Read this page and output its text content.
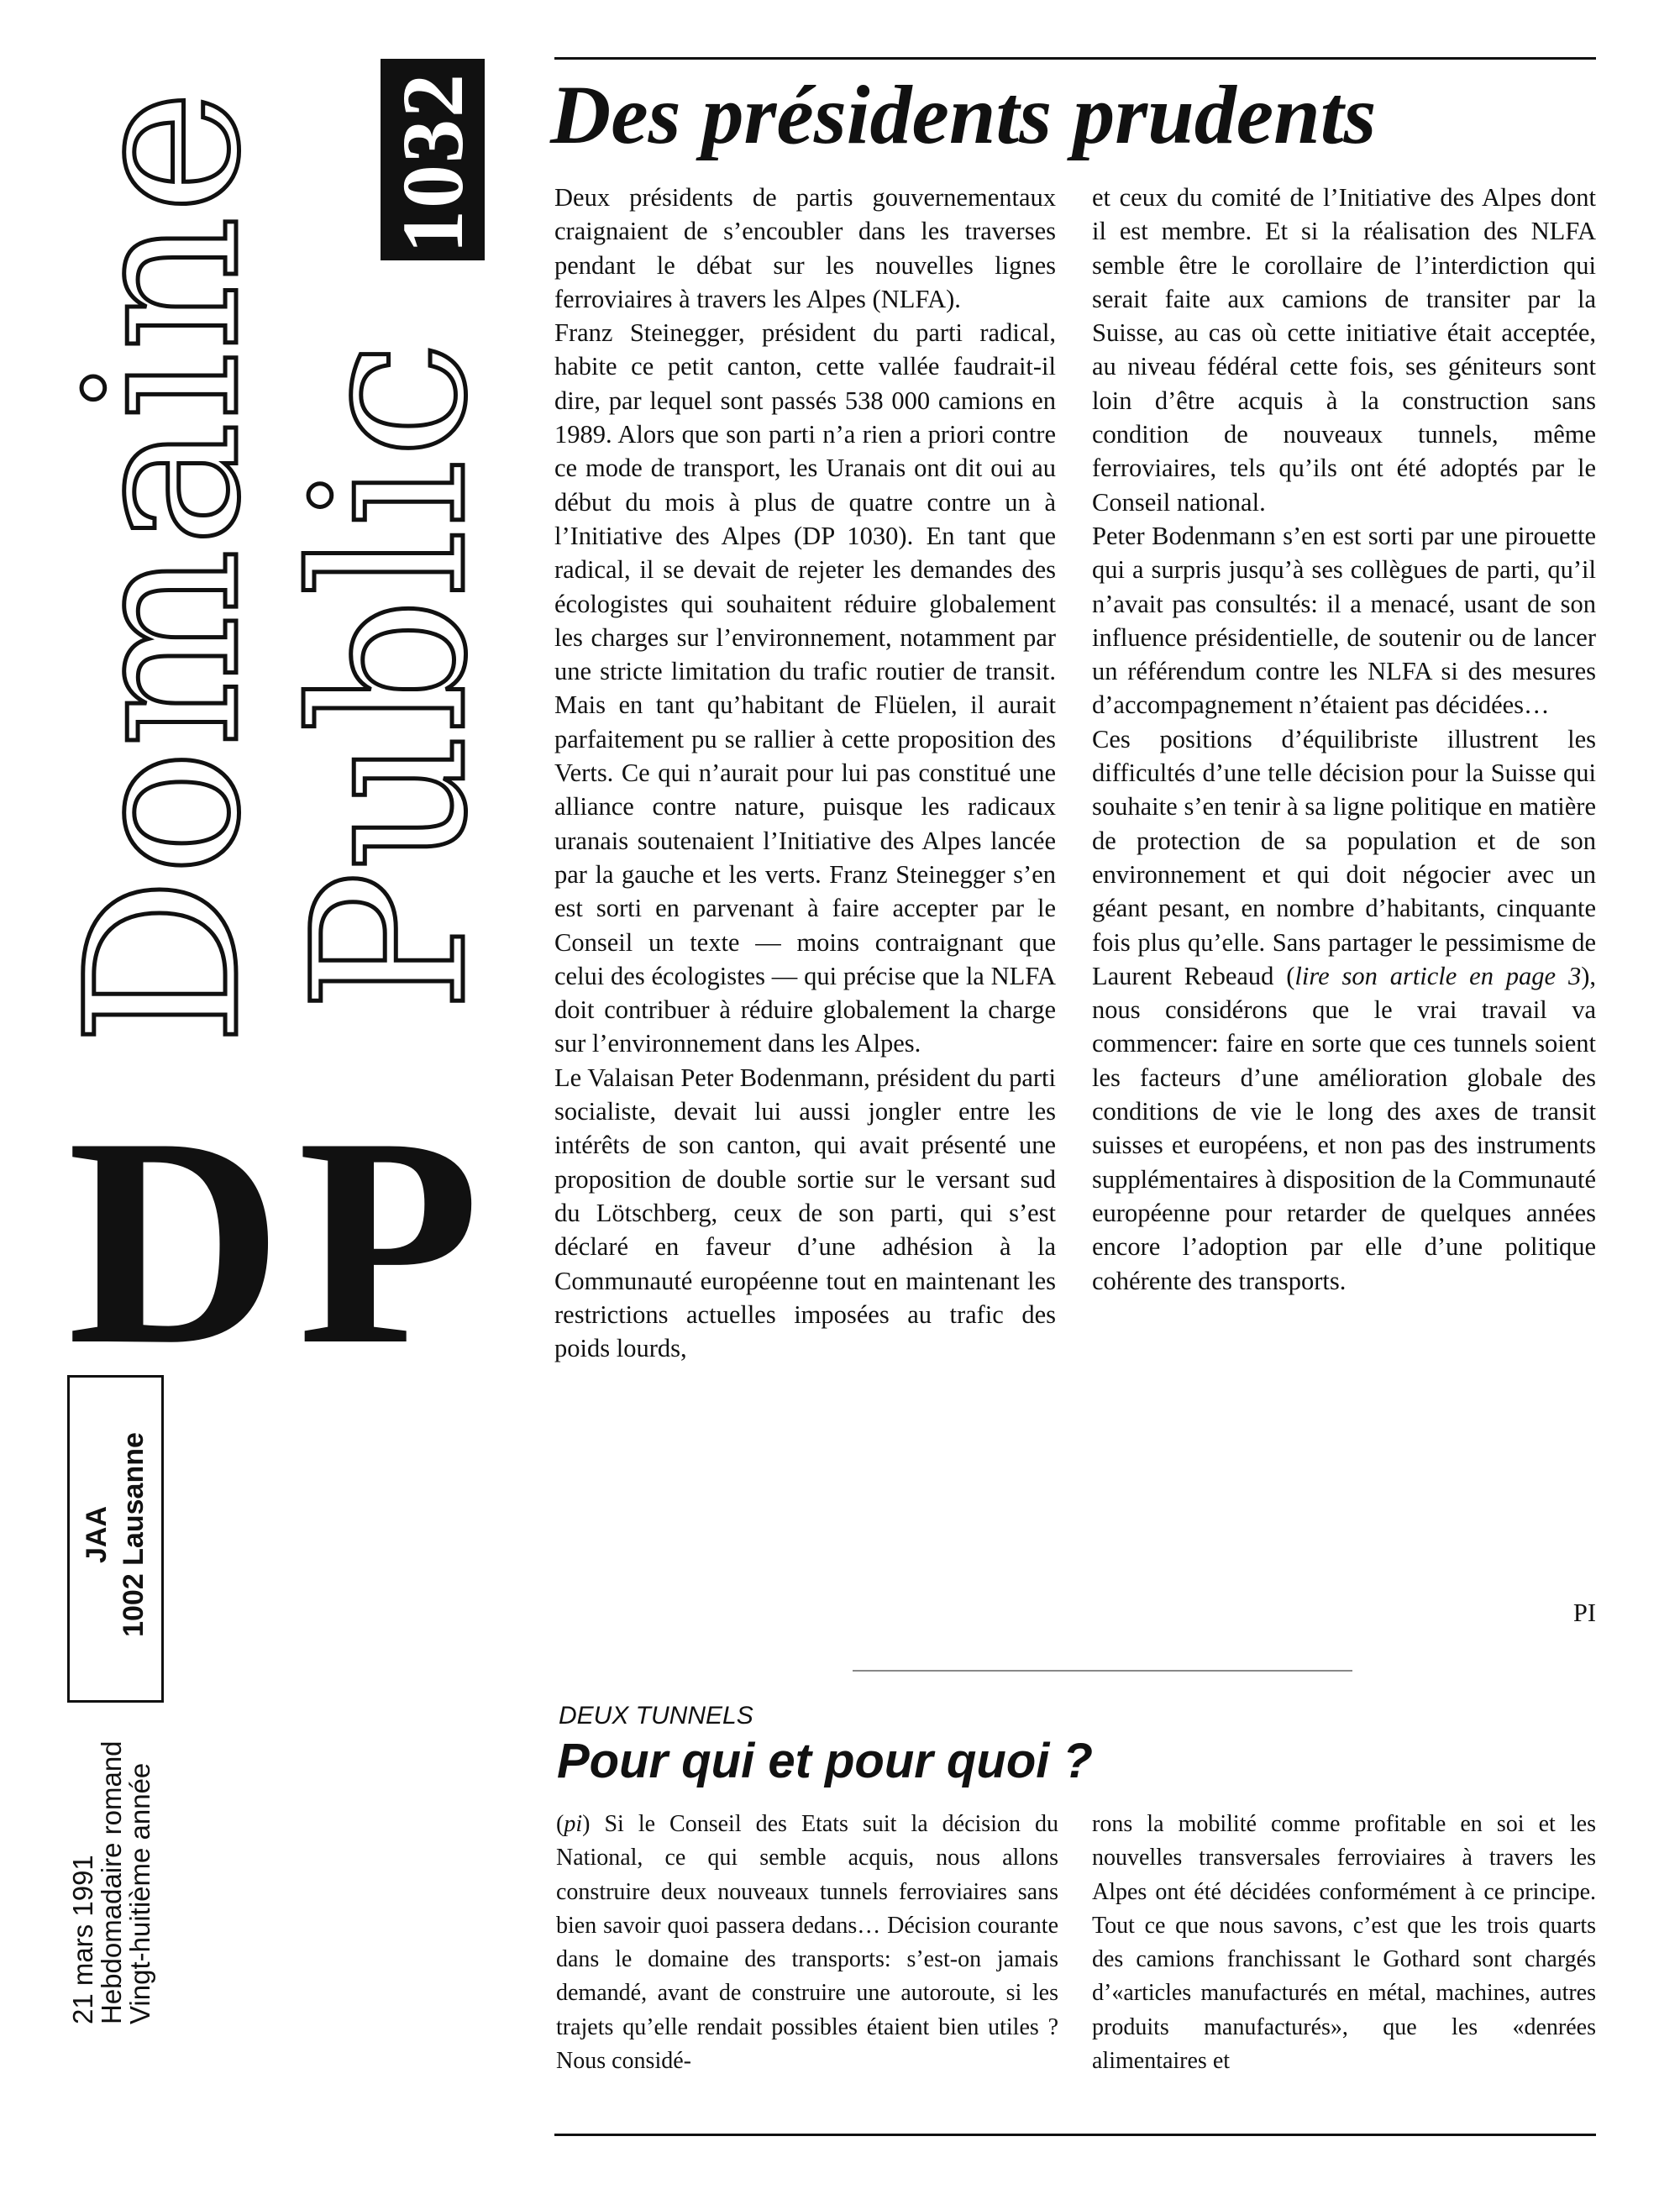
Domaine
Public
1032
DP
JAA 1002 Lausanne
21 mars 1991
Hebdomadaire romand
Vingt-huitième année
Des présidents prudents

Deux présidents de partis gouvernementaux craignaient de s’encoubler dans les traverses pendant le débat sur les nouvelles lignes ferroviaires à travers les Alpes (NLFA).

Franz Steinegger, président du parti radical, habite ce petit canton, cette vallée faudrait-il dire, par lequel sont passés 538 000 camions en 1989. Alors que son parti n’a rien a priori contre ce mode de transport, les Uranais ont dit oui au début du mois à plus de quatre contre un à l’Initiative des Alpes (DP 1030). En tant que radical, il se devait de rejeter les demandes des écologistes qui souhaitent réduire globalement les charges sur l’environnement, notamment par une stricte limitation du trafic routier de transit. Mais en tant qu’habitant de Flüelen, il aurait parfaitement pu se rallier à cette proposition des Verts. Ce qui n’aurait pour lui pas constitué une alliance contre nature, puisque les radicaux uranais soutenaient l’Initiative des Alpes lancée par la gauche et les verts. Franz Steinegger s’en est sorti en parvenant à faire accepter par le Conseil un texte — moins contraignant que celui des écologistes — qui précise que la NLFA doit contribuer à réduire globalement la charge sur l’environnement dans les Alpes.

Le Valaisan Peter Bodenmann, président du parti socialiste, devait lui aussi jongler entre les intérêts de son canton, qui avait présenté une proposition de double sortie sur le versant sud du Lötschberg, ceux de son parti, qui s’est déclaré en faveur d’une adhésion à la Communauté européenne tout en maintenant les restrictions actuelles imposées au trafic des poids lourds,

et ceux du comité de l’Initiative des Alpes dont il est membre. Et si la réalisation des NLFA semble être le corollaire de l’interdiction qui serait faite aux camions de transiter par la Suisse, au cas où cette initiative était acceptée, au niveau fédéral cette fois, ses géniteurs sont loin d’être acquis à la construction sans condition de nouveaux tunnels, même ferroviaires, tels qu’ils ont été adoptés par le Conseil national.

Peter Bodenmann s’en est sorti par une pirouette qui a surpris jusqu’à ses collègues de parti, qu’il n’avait pas consultés: il a menacé, usant de son influence présidentielle, de soutenir ou de lancer un référendum contre les NLFA si des mesures d’accompagnement n’étaient pas décidées…

Ces positions d’équilibriste illustrent les difficultés d’une telle décision pour la Suisse qui souhaite s’en tenir à sa ligne politique en matière de protection de sa population et de son environnement et qui doit négocier avec un géant pesant, en nombre d’habitants, cinquante fois plus qu’elle. Sans partager le pessimisme de Laurent Rebeaud (lire son article en page 3), nous considérons que le vrai travail va commencer: faire en sorte que ces tunnels soient les facteurs d’une amélioration globale des conditions de vie le long des axes de transit suisses et européens, et non pas des instruments supplémentaires à disposition de la Communauté européenne pour retarder de quelques années encore l’adoption par elle d’une politique cohérente des transports.

PI
DEUX TUNNELS
Pour qui et pour quoi ?

(pi) Si le Conseil des Etats suit la décision du National, ce qui semble acquis, nous allons construire deux nouveaux tunnels ferroviaires sans bien savoir quoi passera dedans… Décision courante dans le domaine des transports: s’est-on jamais demandé, avant de construire une autoroute, si les trajets qu’elle rendait possibles étaient bien utiles ? Nous considé-

rons la mobilité comme profitable en soi et les nouvelles transversales ferroviaires à travers les Alpes ont été décidées conformément à ce principe. Tout ce que nous savons, c’est que les trois quarts des camions franchissant le Gothard sont chargés d’«articles manufacturés en métal, machines, autres produits manufacturés», que les «denrées alimentaires et
